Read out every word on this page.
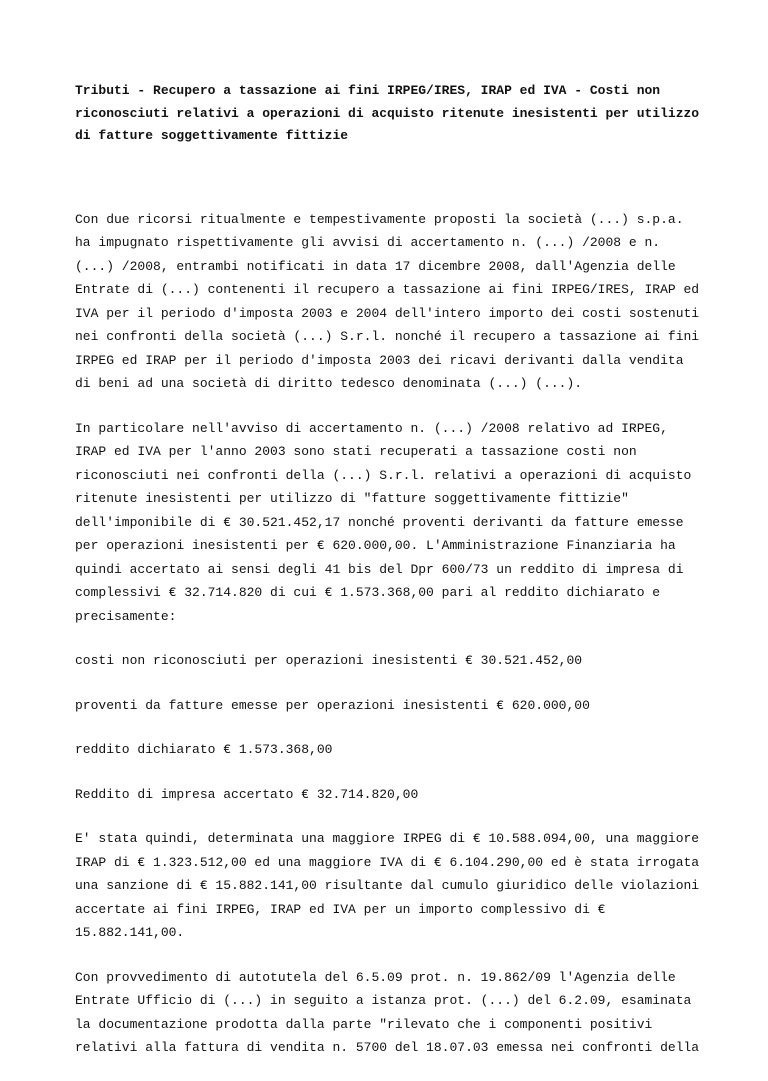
Tributi - Recupero a tassazione ai fini IRPEG/IRES, IRAP ed IVA - Costi non
riconosciuti relativi a operazioni di acquisto ritenute inesistenti per utilizzo
di fatture soggettivamente fittizie

Con due ricorsi ritualmente e tempestivamente proposti la società (...) s.p.a.
ha impugnato rispettivamente gli avvisi di accertamento n. (...) /2008 e n.
(...) /2008, entrambi notificati in data 17 dicembre 2008, dall'Agenzia delle
Entrate di (...) contenenti il recupero a tassazione ai fini IRPEG/IRES, IRAP ed
IVA per il periodo d'imposta 2003 e 2004 dell'intero importo dei costi sostenuti
nei confronti della società (...) S.r.l. nonché il recupero a tassazione ai fini
IRPEG ed IRAP per il periodo d'imposta 2003 dei ricavi derivanti dalla vendita
di beni ad una società di diritto tedesco denominata (...) (...).

In particolare nell'avviso di accertamento n. (...) /2008 relativo ad IRPEG,
IRAP ed IVA per l'anno 2003 sono stati recuperati a tassazione costi non
riconosciuti nei confronti della (...) S.r.l. relativi a operazioni di acquisto
ritenute inesistenti per utilizzo di "fatture soggettivamente fittizie"
dell'imponibile di € 30.521.452,17 nonché proventi derivanti da fatture emesse
per operazioni inesistenti per € 620.000,00. L'Amministrazione Finanziaria ha
quindi accertato ai sensi degli 41 bis del Dpr 600/73 un reddito di impresa di
complessivi € 32.714.820 di cui € 1.573.368,00 pari al reddito dichiarato e
precisamente:

costi non riconosciuti per operazioni inesistenti € 30.521.452,00

proventi da fatture emesse per operazioni inesistenti € 620.000,00

reddito dichiarato € 1.573.368,00

Reddito di impresa accertato € 32.714.820,00

E' stata quindi, determinata una maggiore IRPEG di € 10.588.094,00, una maggiore
IRAP di € 1.323.512,00 ed una maggiore IVA di € 6.104.290,00 ed è stata irrogata
una sanzione di € 15.882.141,00 risultante dal cumulo giuridico delle violazioni
accertate ai fini IRPEG, IRAP ed IVA per un importo complessivo di €
15.882.141,00.

Con provvedimento di autotutela del 6.5.09 prot. n. 19.862/09 l'Agenzia delle
Entrate Ufficio di (...) in seguito a istanza prot. (...) del 6.2.09, esaminata
la documentazione prodotta dalla parte "rilevato che i componenti positivi
relativi alla fattura di vendita n. 5700 del 18.07.03 emessa nei confronti della
